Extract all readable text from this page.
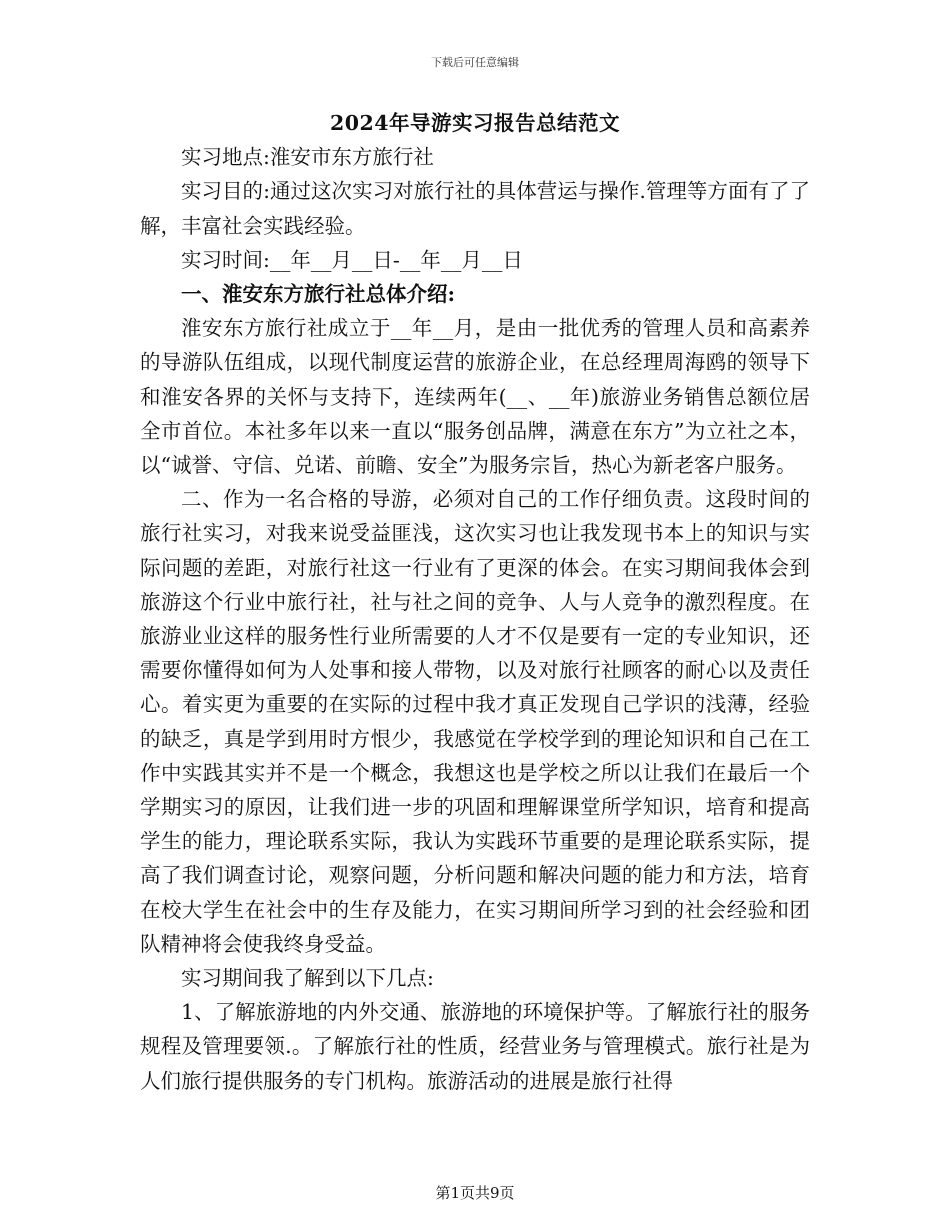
下载后可任意编辑
2024年导游实习报告总结范文

实习地点:淮安市东方旅行社

实习目的:通过这次实习对旅行社的具体营运与操作.管理等方面有了了解，丰富社会实践经验。

实习时间:__年__月__日-__年__月__日

一、淮安东方旅行社总体介绍:

淮安东方旅行社成立于__年__月，是由一批优秀的管理人员和高素养的导游队伍组成，以现代制度运营的旅游企业，在总经理周海鸥的领导下和淮安各界的关怀与支持下，连续两年(__、__年)旅游业务销售总额位居全市首位。本社多年以来一直以“服务创品牌，满意在东方”为立社之本，以“诚誉、守信、兑诺、前瞻、安全”为服务宗旨，热心为新老客户服务。

二、作为一名合格的导游，必须对自己的工作仔细负责。这段时间的旅行社实习，对我来说受益匪浅，这次实习也让我发现书本上的知识与实际问题的差距，对旅行社这一行业有了更深的体会。在实习期间我体会到旅游这个行业中旅行社，社与社之间的竞争、人与人竞争的激烈程度。在旅游业业这样的服务性行业所需要的人才不仅是要有一定的专业知识，还需要你懂得如何为人处事和接人带物，以及对旅行社顾客的耐心以及责任心。着实更为重要的在实际的过程中我才真正发现自己学识的浅薄，经验的缺乏，真是学到用时方恨少，我感觉在学校学到的理论知识和自己在工作中实践其实并不是一个概念，我想这也是学校之所以让我们在最后一个学期实习的原因，让我们进一步的巩固和理解课堂所学知识，培育和提高学生的能力，理论联系实际，我认为实践环节重要的是理论联系实际，提高了我们调查讨论，观察问题，分析问题和解决问题的能力和方法，培育在校大学生在社会中的生存及能力，在实习期间所学习到的社会经验和团队精神将会使我终身受益。

实习期间我了解到以下几点:

1、了解旅游地的内外交通、旅游地的环境保护等。了解旅行社的服务规程及管理要领.。了解旅行社的性质，经营业务与管理模式。旅行社是为人们旅行提供服务的专门机构。旅游活动的进展是旅行社得

第1页共9页
